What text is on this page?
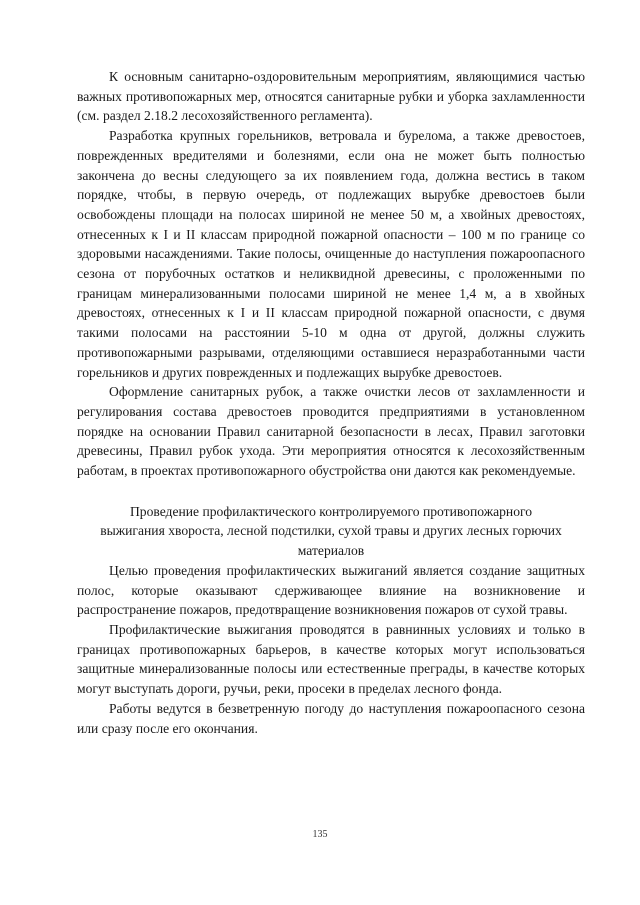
К основным санитарно-оздоровительным мероприятиям, являющимися частью важных противопожарных мер, относятся санитарные рубки и уборка захламленности (см. раздел 2.18.2 лесохозяйственного регламента).

Разработка крупных горельников, ветровала и бурелома, а также древостоев, поврежденных вредителями и болезнями, если она не может быть полностью закончена до весны следующего за их появлением года, должна вестись в таком порядке, чтобы, в первую очередь, от подлежащих вырубке древостоев были освобождены площади на полосах шириной не менее 50 м, а хвойных древостоях, отнесенных к I и II классам природной пожарной опасности – 100 м по границе со здоровыми насаждениями. Такие полосы, очищенные до наступления пожароопасного сезона от порубочных остатков и неликвидной древесины, с проложенными по границам минерализованными полосами шириной не менее 1,4 м, а в хвойных древостоях, отнесенных к I и II классам природной пожарной опасности, с двумя такими полосами на расстоянии 5-10 м одна от другой, должны служить противопожарными разрывами, отделяющими оставшиеся неразработанными части горельников и других поврежденных и подлежащих вырубке древостоев.

Оформление санитарных рубок, а также очистки лесов от захламленности и регулирования состава древостоев проводится предприятиями в установленном порядке на основании Правил санитарной безопасности в лесах, Правил заготовки древесины, Правил рубок ухода. Эти мероприятия относятся к лесохозяйственным работам, в проектах противопожарного обустройства они даются как рекомендуемые.

Проведение профилактического контролируемого противопожарного выжигания хвороста, лесной подстилки, сухой травы и других лесных горючих материалов

Целью проведения профилактических выжиганий является создание защитных полос, которые оказывают сдерживающее влияние на возникновение и распространение пожаров, предотвращение возникновения пожаров от сухой травы.

Профилактические выжигания проводятся в равнинных условиях и только в границах противопожарных барьеров, в качестве которых могут использоваться защитные минерализованные полосы или естественные преграды, в качестве которых могут выступать дороги, ручьи, реки, просеки в пределах лесного фонда.

Работы ведутся в безветренную погоду до наступления пожароопасного сезона или сразу после его окончания.

135
